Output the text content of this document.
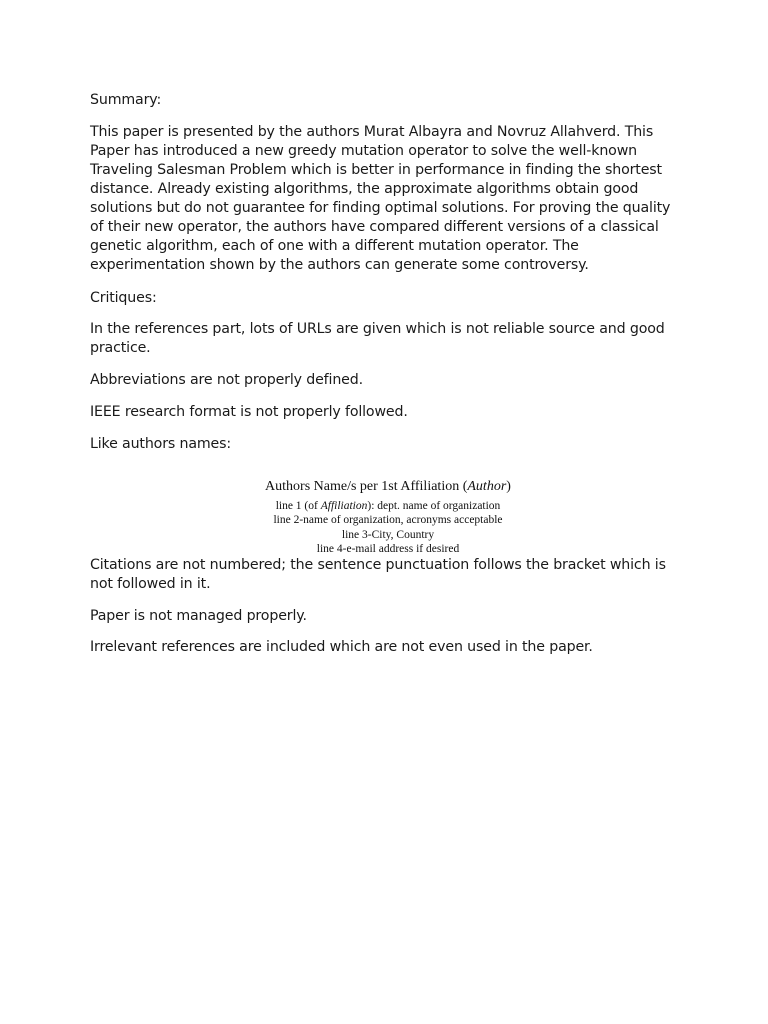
Summary:

This paper is presented by the authors Murat Albayra and Novruz Allahverd. This Paper has introduced a new greedy mutation operator to solve the well-known Traveling Salesman Problem which is better in performance in finding the shortest distance. Already existing algorithms, the approximate algorithms obtain good solutions but do not guarantee for finding optimal solutions. For proving the quality of their new operator, the authors have compared different versions of a classical genetic algorithm, each of one with a different mutation operator. The experimentation shown by the authors can generate some controversy.

Critiques:

In the references part, lots of URLs are given which is not reliable source and good practice.

Abbreviations are not properly defined.

IEEE research format is not properly followed.

Like authors names:

Authors Name/s per 1st Affiliation (Author)
line 1 (of Affiliation): dept. name of organization
line 2-name of organization, acronyms acceptable
line 3-City, Country
line 4-e-mail address if desired

Citations are not numbered; the sentence punctuation follows the bracket which is not followed in it.

Paper is not managed properly.

Irrelevant references are included which are not even used in the paper.
